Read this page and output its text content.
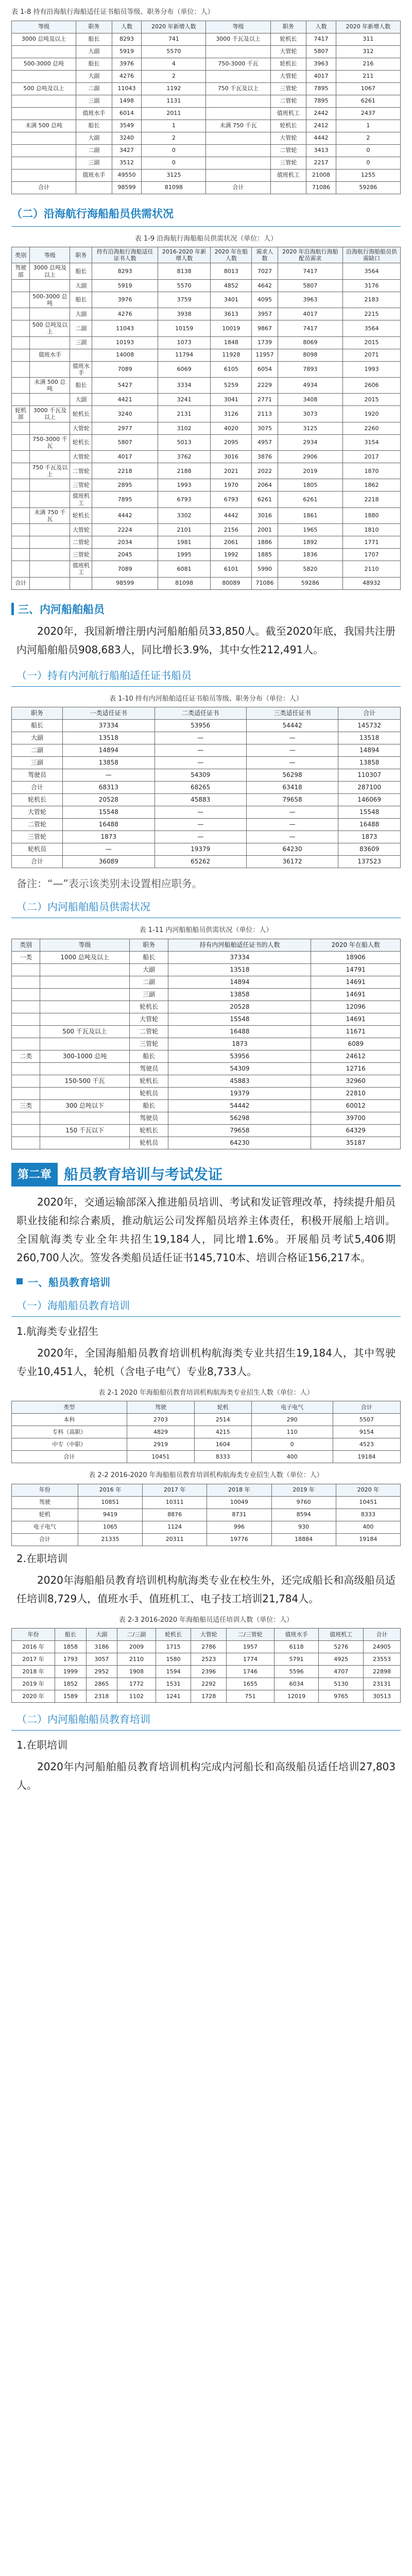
表 1-8 持有沿海航行海船适任证书船员等级、职务分布（单位：人）
等级	职务	人数	2020 年新增人数	等级	职务	人数	2020 年新增人数
3000 总吨及以上	船长	8293	741	3000 千瓦及以上	轮机长	7417	311
	大副	5919	5570		大管轮	5807	312
500-3000 总吨	船长	3976	4	750-3000 千瓦	轮机长	3963	216
	大副	4276	2		大管轮	4017	211
500 总吨及以上	二副	11043	1192	750 千瓦及以上	三管轮	7895	1067
	三副	1498	1131		二管轮	7895	6261
	值班水手	6014	2011		值班机工	2442	2437
未满 500 总吨	船长	3549	1	未满 750 千瓦	轮机长	2412	1
	大副	3240	2		大管轮	4442	2
	二副	3427	0		二管轮	3413	0
	三副	3512	0		三管轮	2217	0
	值班水手	49550	3125		值班机工	21008	1255
合计		98599	81098	合计		71086	59286
（二）沿海航行海船船员供需状况
表 1-9 沿海航行海船船员供需状况（单位：人）
类别	等级	职务	持有沿海航行海船适任证书人数	2016-2020 年新增人数	2020 年在船人数	需求人数	2020 年沿海航行海船配员需求	沿海航行海船船员供需缺口
驾驶部	3000 总吨及以上	船长	8293	8138	8013	7027	7417	3564
		大副	5919	5570	4852	4642	5807	3176
	500-3000 总吨	船长	3976	3759	3401	4095	3963	2183
		大副	4276	3938	3613	3957	4017	2215
	500 总吨及以上	二副	11043	10159	10019	9867	7417	3564
		三副	10193	1073	1848	1739	8069	2015
	值班水手		14008	11794	11928	11957	8098	2071
		值班水手	7089	6069	6105	6054	7893	1993
	未满 500 总吨	船长	5427	3334	5259	2229	4934	2606
		大副	4421	3241	3041	2771	3408	2015
轮机部	3000 千瓦及以上	轮机长	3240	2131	3126	2113	3073	1920
		大管轮	2977	3102	4020	3075	3125	2260
	750-3000 千瓦	轮机长	5807	5013	2095	4957	2934	3154
		大管轮	4017	3762	3016	3876	2906	2017
	750 千瓦及以上	二管轮	2218	2188	2021	2022	2019	1870
		三管轮	2895	1993	1970	2064	1805	1862
		值班机工	7895	6793	6793	6261	6261	2218
	未满 750 千瓦	轮机长	4442	3302	4442	3016	1861	1880
		大管轮	2224	2101	2156	2001	1965	1810
		二管轮	2034	1981	2061	1886	1892	1771
		三管轮	2045	1995	1992	1885	1836	1707
		值班机工	7089	6081	6101	5990	5820	2110
合计			98599	81098	80089	71086	59286	48932
三、内河船舶船员

2020年，我国新增注册内河船舶船员33,850人。截至2020年底，我国共注册内河船舶船员908,683人，同比增长3.9%，其中女性212,491人。

（一）持有内河航行船舶适任证书船员
表 1-10 持有内河船舶适任证书船员等级、职务分布（单位：人）
职务	一类适任证书	二类适任证书	三类适任证书	合计
船长	37334	53956	54442	145732
大副	13518	—	—	13518
二副	14894	—	—	14894
三副	13858	—	—	13858
驾驶员	—	54309	56298	110307
合计	68313	68265	63418	287100
轮机长	20528	45883	79658	146069
大管轮	15548	—	—	15548
二管轮	16488	—	—	16488
三管轮	1873	—	—	1873
轮机员	—	19379	64230	83609
合计	36089	65262	36172	137523

备注：“—”表示该类别未设置相应职务。

（二）内河船舶船员供需状况
表 1-11 内河船舶船员供需状况（单位：人）
类别	等级	职务	持有内河船舶适任证书的人数	2020 年在船人数
一类	1000 总吨及以上	船长	37334	18906
		大副	13518	14791
		二副	14894	14691
		三副	13858	14691
		轮机长	20528	12096
		大管轮	15548	14691
	500 千瓦及以上	二管轮	16488	11671
		三管轮	1873	6089
二类	300-1000 总吨	船长	53956	24612
		驾驶员	54309	12716
	150-500 千瓦	轮机长	45883	32960
		轮机员	19379	22810
三类	300 总吨以下	船长	54442	60012
		驾驶员	56298	39700
	150 千瓦以下	轮机长	79658	64329
		轮机员	64230	35187
第二章 船员教育培训与考试发证

2020年，交通运输部深入推进船员培训、考试和发证管理改革，持续提升船员职业技能和综合素质，推动航运公司发挥船员培养主体责任，积极开展船上培训。全国航海类专业全年共招生19,184人，同比增1.6%。开展船员考试5,406期260,700人次。签发各类船员适任证书145,710本、培训合格证156,217本。

一、船员教育培训
（一）海船船员教育培训

1.航海类专业招生

2020年，全国海船船员教育培训机构航海类专业共招生19,184人，其中驾驶专业10,451人，轮机（含电子电气）专业8,733人。

表 2-1 2020 年海船船员教育培训机构航海类专业招生人数（单位：人）
类型	驾驶	轮机	电子电气	合计
本科	2703	2514	290	5507
专科（高职）	4829	4215	110	9154
中专（中职）	2919	1604	0	4523
合计	10451	8333	400	19184
表 2-2 2016-2020 年海船船员教育培训机构航海类专业招生人数（单位：人）
年份	2016 年	2017 年	2018 年	2019 年	2020 年
驾驶	10851	10311	10049	9760	10451
轮机	9419	8876	8731	8594	8333
电子电气	1065	1124	996	930	400
合计	21335	20311	19776	18884	19184

2.在职培训

2020年海船船员教育培训机构航海类专业在校生外，还完成船长和高级船员适任培训8,729人，值班水手、值班机工、电子技工培训21,784人。

表 2-3 2016-2020 年海船船员适任培训人数（单位：人）
年份	船长	大副	二/三副	轮机长	大管轮	二/三管轮	值班水手	值班机工	合计
2016 年	1858	3186	2009	1715	2786	1957	6118	5276	24905
2017 年	1793	3057	2110	1580	2523	1774	5791	4925	23553
2018 年	1999	2952	1908	1594	2396	1746	5596	4707	22898
2019 年	1852	2865	1772	1531	2292	1655	6034	5130	23131
2020 年	1589	2318	1102	1241	1728	751	12019	9765	30513
（二）内河船舶船员教育培训

1.在职培训

2020年内河船舶船员教育培训机构完成内河船长和高级船员适任培训27,803人。
